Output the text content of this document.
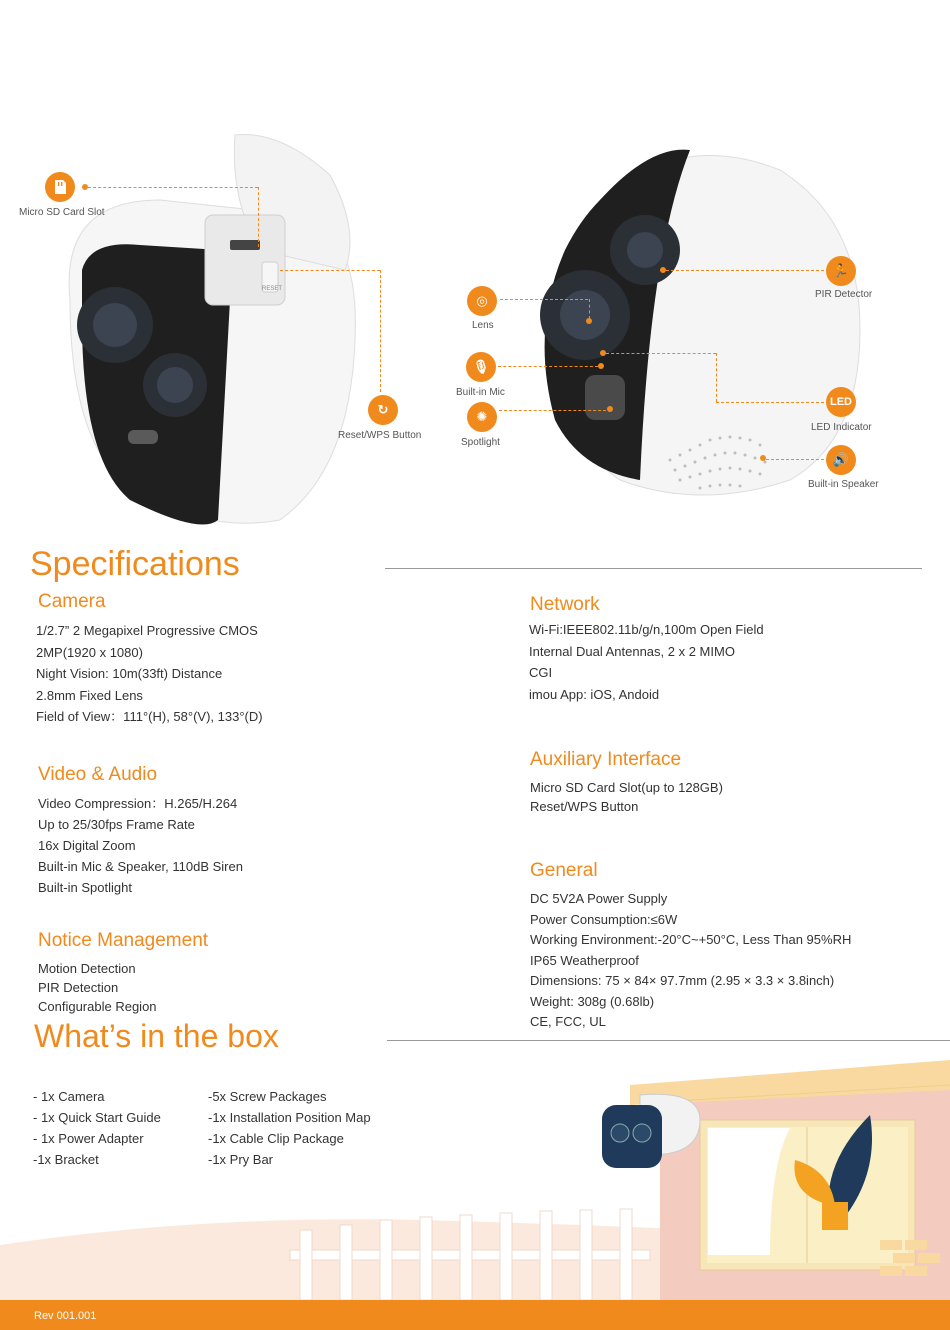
RESET
Micro SD Card Slot
↻
Reset/WPS Button
◎
Lens
🎙
Built-in Mic
✺
Spotlight
🏃
PIR Detector
LED
LED Indicator
🔊
Built-in Speaker
Specifications
Camera
1/2.7” 2 Megapixel Progressive CMOS
2MP(1920 x 1080)
Night Vision: 10m(33ft) Distance
2.8mm Fixed Lens
Field of View：111°(H), 58°(V), 133°(D)
Video & Audio
Video Compression：H.265/H.264
Up to 25/30fps Frame Rate
16x Digital Zoom
Built-in Mic & Speaker, 110dB Siren
Built-in Spotlight
Notice Management
Motion Detection
PIR Detection
Configurable Region
Network
Wi-Fi:IEEE802.11b/g/n,100m Open Field
Internal Dual Antennas, 2 x 2 MIMO
CGI
imou App: iOS, Andoid
Auxiliary Interface
Micro SD Card Slot(up to 128GB)
Reset/WPS Button
General
DC 5V2A Power Supply
Power Consumption:≤6W
Working Environment:-20°C~+50°C, Less Than 95%RH
IP65 Weatherproof
Dimensions: 75 × 84× 97.7mm (2.95 × 3.3 × 3.8inch)
Weight: 308g (0.68lb)
CE, FCC, UL
What’s in the box
- 1x Camera
- 1x Quick Start Guide
- 1x Power Adapter
-1x Bracket
-5x Screw Packages
-1x Installation Position Map
-1x Cable Clip Package
-1x Pry Bar
Rev 001.001
